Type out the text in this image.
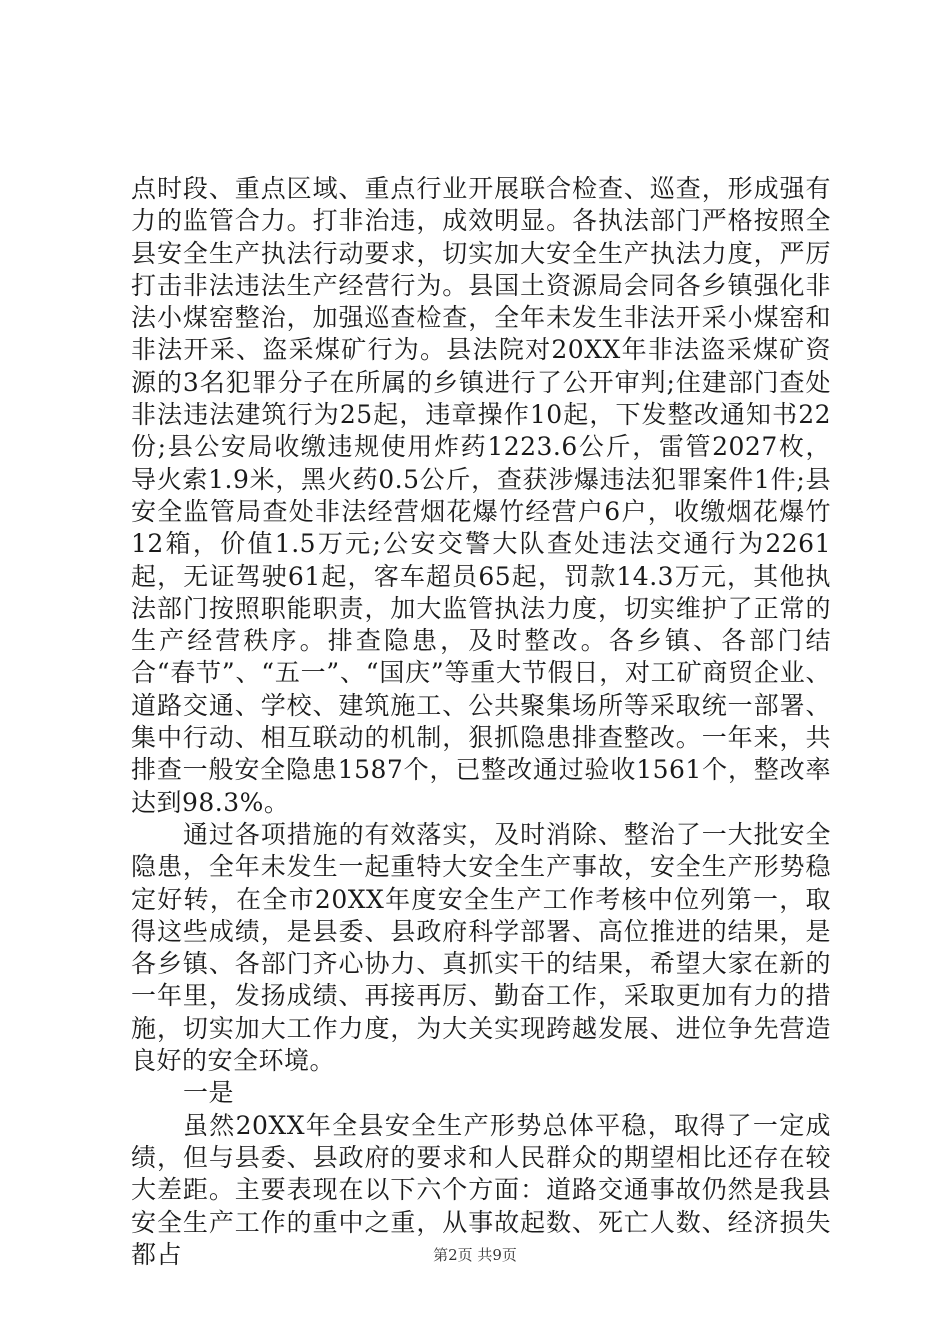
点时段、重点区域、重点行业开展联合检查、巡查，形成强有力的监管合力。打非治违，成效明显。各执法部门严格按照全县安全生产执法行动要求，切实加大安全生产执法力度，严厉打击非法违法生产经营行为。县国土资源局会同各乡镇强化非法小煤窑整治，加强巡查检查，全年未发生非法开采小煤窑和非法开采、盗采煤矿行为。县法院对20XX年非法盗采煤矿资源的3名犯罪分子在所属的乡镇进行了公开审判;住建部门查处非法违法建筑行为25起，违章操作10起，下发整改通知书22份;县公安局收缴违规使用炸药1223.6公斤，雷管2027枚，导火索1.9米，黑火药0.5公斤，查获涉爆违法犯罪案件1件;县安全监管局查处非法经营烟花爆竹经营户6户，收缴烟花爆竹12箱，价值1.5万元;公安交警大队查处违法交通行为2261起，无证驾驶61起，客车超员65起，罚款14.3万元，其他执法部门按照职能职责，加大监管执法力度，切实维护了正常的生产经营秩序。排查隐患，及时整改。各乡镇、各部门结合“春节”、“五一”、“国庆”等重大节假日，对工矿商贸企业、道路交通、学校、建筑施工、公共聚集场所等采取统一部署、集中行动、相互联动的机制，狠抓隐患排查整改。一年来，共排查一般安全隐患1587个，已整改通过验收1561个，整改率达到98.3%。

通过各项措施的有效落实，及时消除、整治了一大批安全隐患，全年未发生一起重特大安全生产事故，安全生产形势稳定好转，在全市20XX年度安全生产工作考核中位列第一，取得这些成绩，是县委、县政府科学部署、高位推进的结果，是各乡镇、各部门齐心协力、真抓实干的结果，希望大家在新的一年里，发扬成绩、再接再厉、勤奋工作，采取更加有力的措施，切实加大工作力度，为大关实现跨越发展、进位争先营造良好的安全环境。

一是

虽然20XX年全县安全生产形势总体平稳，取得了一定成绩，但与县委、县政府的要求和人民群众的期望相比还存在较大差距。主要表现在以下六个方面：道路交通事故仍然是我县安全生产工作的重中之重，从事故起数、死亡人数、经济损失都占	第2页 共9页
